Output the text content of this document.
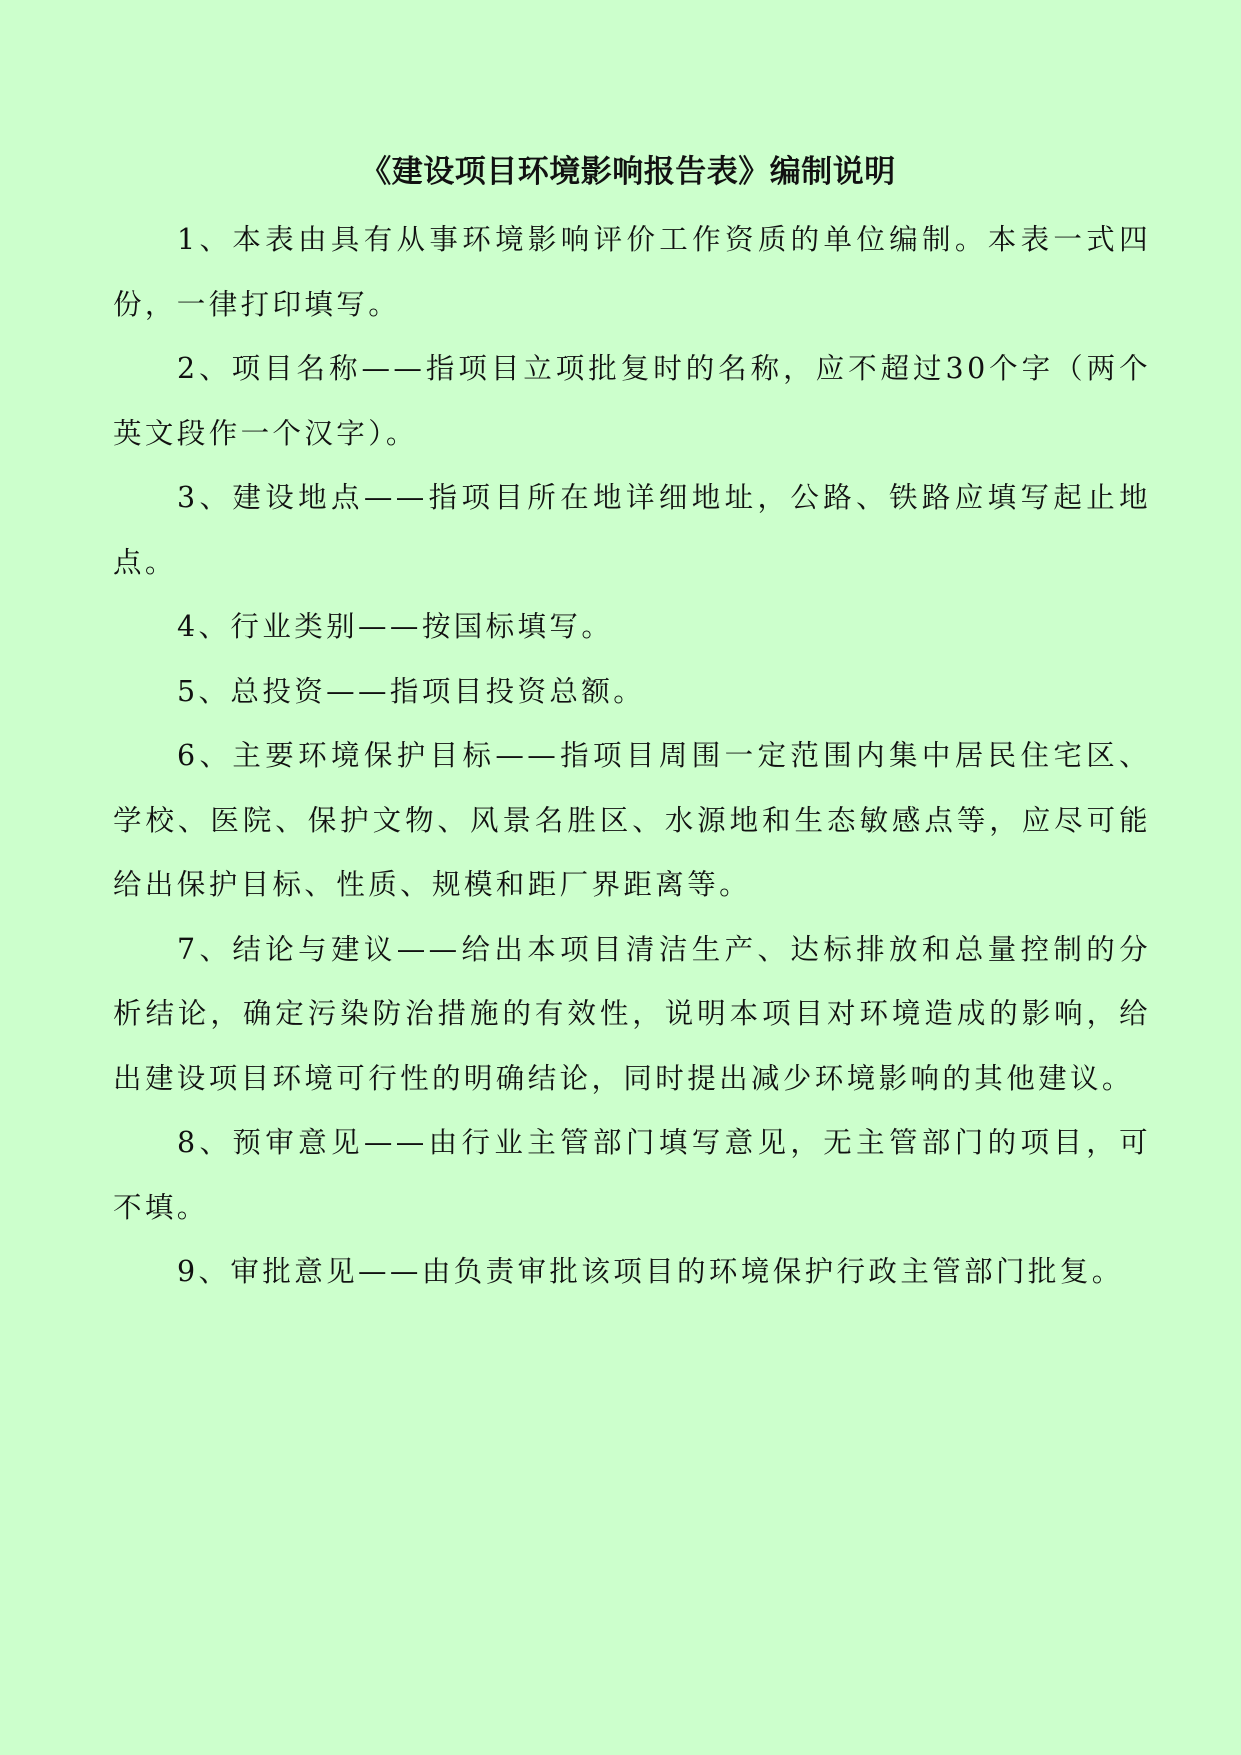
《建设项目环境影响报告表》编制说明

1、本表由具有从事环境影响评价工作资质的单位编制。本表一式四份，一律打印填写。

2、项目名称——指项目立项批复时的名称，应不超过30个字（两个英文段作一个汉字）。

3、建设地点——指项目所在地详细地址，公路、铁路应填写起止地点。

4、行业类别——按国标填写。

5、总投资——指项目投资总额。

6、主要环境保护目标——指项目周围一定范围内集中居民住宅区、学校、医院、保护文物、风景名胜区、水源地和生态敏感点等，应尽可能给出保护目标、性质、规模和距厂界距离等。

7、结论与建议——给出本项目清洁生产、达标排放和总量控制的分析结论，确定污染防治措施的有效性，说明本项目对环境造成的影响，给出建设项目环境可行性的明确结论，同时提出减少环境影响的其他建议。

8、预审意见——由行业主管部门填写意见，无主管部门的项目，可不填。

9、审批意见——由负责审批该项目的环境保护行政主管部门批复。
